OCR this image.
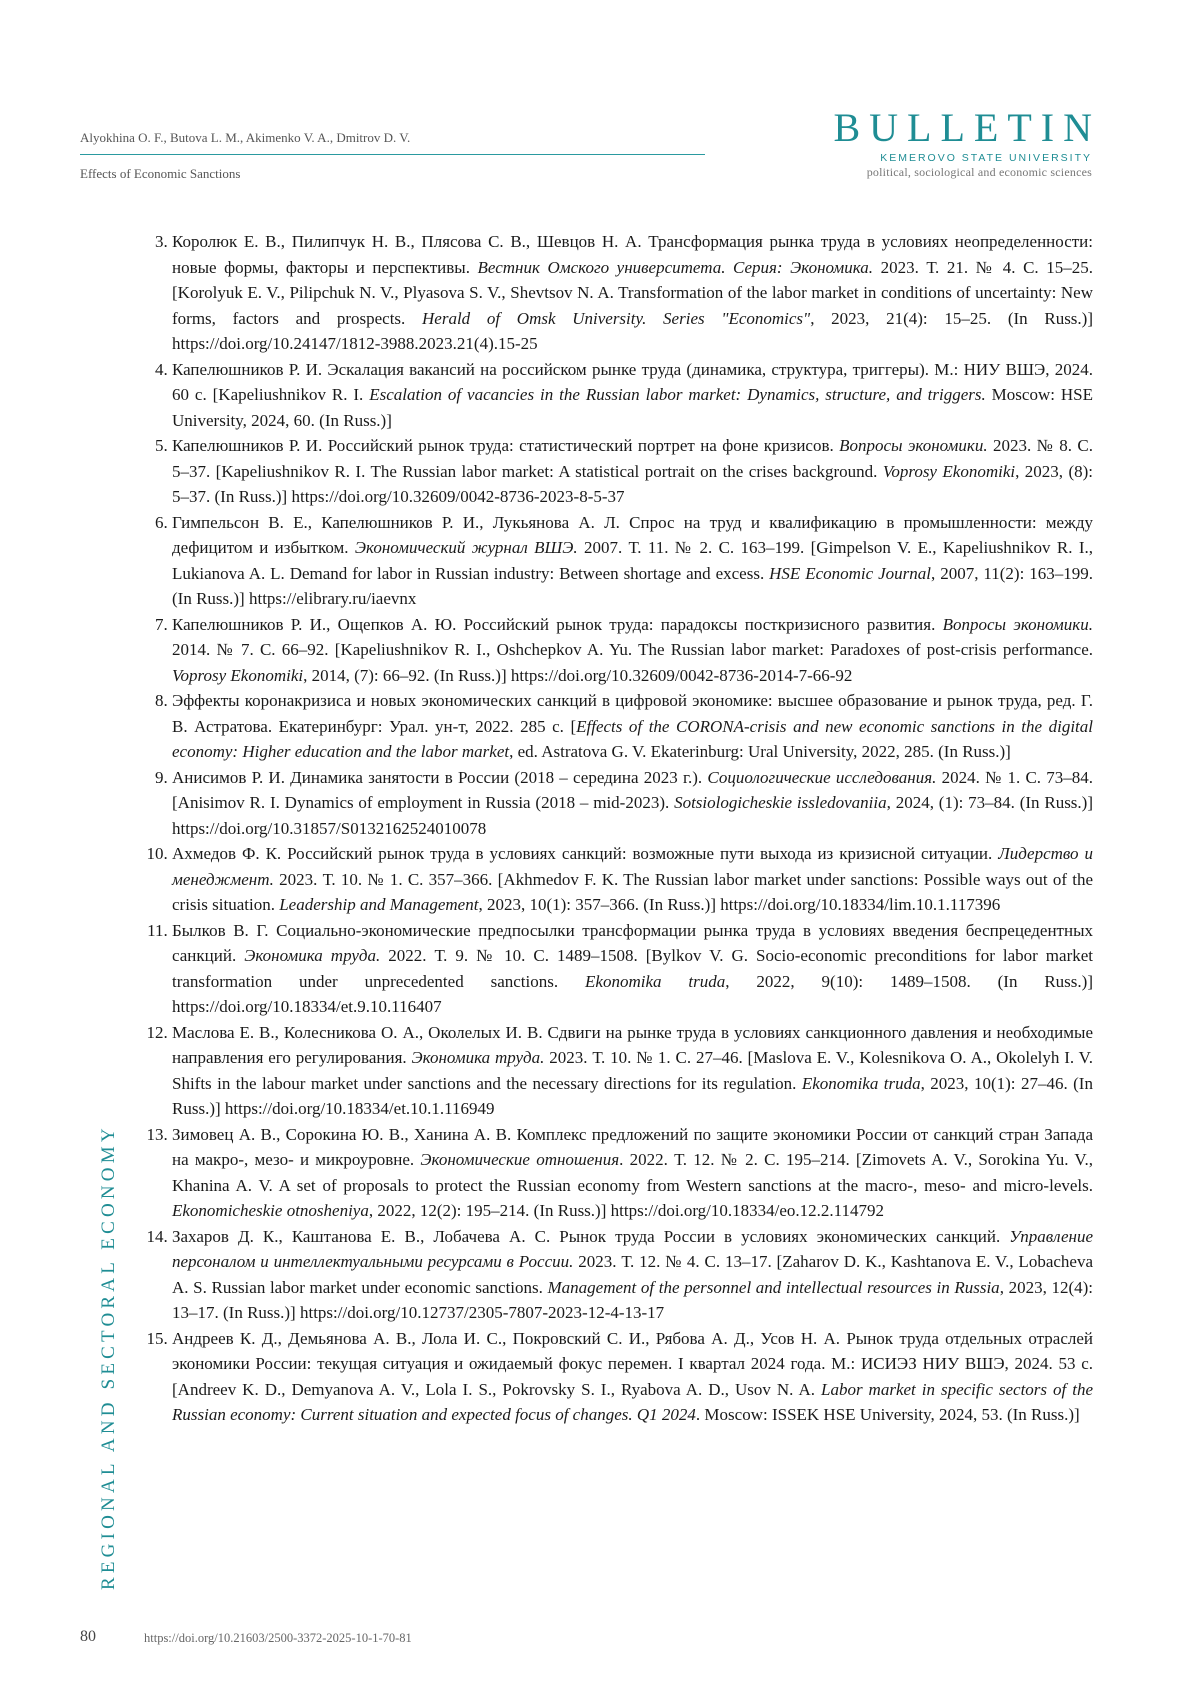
Alyokhina O. F., Butova L. M., Akimenko V. A., Dmitrov D. V.
Effects of Economic Sanctions
BULLETIN
KEMEROVO STATE UNIVERSITY
political, sociological and economic sciences
3. Королюк Е. В., Пилипчук Н. В., Плясова С. В., Шевцов Н. А. Трансформация рынка труда в условиях неопределенности: новые формы, факторы и перспективы. Вестник Омского университета. Серия: Экономика. 2023. Т. 21. № 4. С. 15–25. [Korolyuk E. V., Pilipchuk N. V., Plyasova S. V., Shevtsov N. A. Transformation of the labor market in conditions of uncertainty: New forms, factors and prospects. Herald of Omsk University. Series "Economics", 2023, 21(4): 15–25. (In Russ.)] https://doi.org/10.24147/1812-3988.2023.21(4).15-25
4. Капелюшников Р. И. Эскалация вакансий на российском рынке труда (динамика, структура, триггеры). М.: НИУ ВШЭ, 2024. 60 с. [Kapeliushnikov R. I. Escalation of vacancies in the Russian labor market: Dynamics, structure, and triggers. Moscow: HSE University, 2024, 60. (In Russ.)]
5. Капелюшников Р. И. Российский рынок труда: статистический портрет на фоне кризисов. Вопросы экономики. 2023. № 8. С. 5–37. [Kapeliushnikov R. I. The Russian labor market: A statistical portrait on the crises background. Voprosy Ekonomiki, 2023, (8): 5–37. (In Russ.)] https://doi.org/10.32609/0042-8736-2023-8-5-37
6. Гимпельсон В. Е., Капелюшников Р. И., Лукьянова А. Л. Спрос на труд и квалификацию в промышленности: между дефицитом и избытком. Экономический журнал ВШЭ. 2007. Т. 11. № 2. С. 163–199. [Gimpelson V. E., Kapeliushnikov R. I., Lukianova A. L. Demand for labor in Russian industry: Between shortage and excess. HSE Economic Journal, 2007, 11(2): 163–199. (In Russ.)] https://elibrary.ru/iaevnx
7. Капелюшников Р. И., Ощепков А. Ю. Российский рынок труда: парадоксы посткризисного развития. Вопросы экономики. 2014. № 7. С. 66–92. [Kapeliushnikov R. I., Oshchepkov A. Yu. The Russian labor market: Paradoxes of post-crisis performance. Voprosy Ekonomiki, 2014, (7): 66–92. (In Russ.)] https://doi.org/10.32609/0042-8736-2014-7-66-92
8. Эффекты коронакризиса и новых экономических санкций в цифровой экономике: высшее образование и рынок труда, ред. Г. В. Астратова. Екатеринбург: Урал. ун-т, 2022. 285 с. [Effects of the CORONA-crisis and new economic sanctions in the digital economy: Higher education and the labor market, ed. Astratova G. V. Ekaterinburg: Ural University, 2022, 285. (In Russ.)]
9. Анисимов Р. И. Динамика занятости в России (2018 – середина 2023 г.). Социологические исследования. 2024. № 1. С. 73–84. [Anisimov R. I. Dynamics of employment in Russia (2018 – mid-2023). Sotsiologicheskie issledovaniia, 2024, (1): 73–84. (In Russ.)] https://doi.org/10.31857/S0132162524010078
10. Ахмедов Ф. К. Российский рынок труда в условиях санкций: возможные пути выхода из кризисной ситуации. Лидерство и менеджмент. 2023. Т. 10. № 1. С. 357–366. [Akhmedov F. K. The Russian labor market under sanctions: Possible ways out of the crisis situation. Leadership and Management, 2023, 10(1): 357–366. (In Russ.)] https://doi.org/10.18334/lim.10.1.117396
11. Былков В. Г. Социально-экономические предпосылки трансформации рынка труда в условиях введения беспрецедентных санкций. Экономика труда. 2022. Т. 9. № 10. С. 1489–1508. [Bylkov V. G. Socio-economic preconditions for labor market transformation under unprecedented sanctions. Ekonomika truda, 2022, 9(10): 1489–1508. (In Russ.)] https://doi.org/10.18334/et.9.10.116407
12. Маслова Е. В., Колесникова О. А., Околелых И. В. Сдвиги на рынке труда в условиях санкционного давления и необходимые направления его регулирования. Экономика труда. 2023. Т. 10. № 1. С. 27–46. [Maslova E. V., Kolesnikova O. A., Okolelyh I. V. Shifts in the labour market under sanctions and the necessary directions for its regulation. Ekonomika truda, 2023, 10(1): 27–46. (In Russ.)] https://doi.org/10.18334/et.10.1.116949
13. Зимовец А. В., Сорокина Ю. В., Ханина А. В. Комплекс предложений по защите экономики России от санкций стран Запада на макро-, мезо- и микроуровне. Экономические отношения. 2022. Т. 12. № 2. С. 195–214. [Zimovets A. V., Sorokina Yu. V., Khanina A. V. A set of proposals to protect the Russian economy from Western sanctions at the macro-, meso- and micro-levels. Ekonomicheskie otnosheniya, 2022, 12(2): 195–214. (In Russ.)] https://doi.org/10.18334/eo.12.2.114792
14. Захаров Д. К., Каштанова Е. В., Лобачева А. С. Рынок труда России в условиях экономических санкций. Управление персоналом и интеллектуальными ресурсами в России. 2023. Т. 12. № 4. С. 13–17. [Zaharov D. K., Kashtanova E. V., Lobacheva A. S. Russian labor market under economic sanctions. Management of the personnel and intellectual resources in Russia, 2023, 12(4): 13–17. (In Russ.)] https://doi.org/10.12737/2305-7807-2023-12-4-13-17
15. Андреев К. Д., Демьянова А. В., Лола И. С., Покровский С. И., Рябова А. Д., Усов Н. А. Рынок труда отдельных отраслей экономики России: текущая ситуация и ожидаемый фокус перемен. I квартал 2024 года. М.: ИСИЭЗ НИУ ВШЭ, 2024. 53 с. [Andreev K. D., Demyanova A. V., Lola I. S., Pokrovsky S. I., Ryabova A. D., Usov N. A. Labor market in specific sectors of the Russian economy: Current situation and expected focus of changes. Q1 2024. Moscow: ISSEK HSE University, 2024, 53. (In Russ.)]
REGIONAL AND SECTORAL ECONOMY
80	https://doi.org/10.21603/2500-3372-2025-10-1-70-81
